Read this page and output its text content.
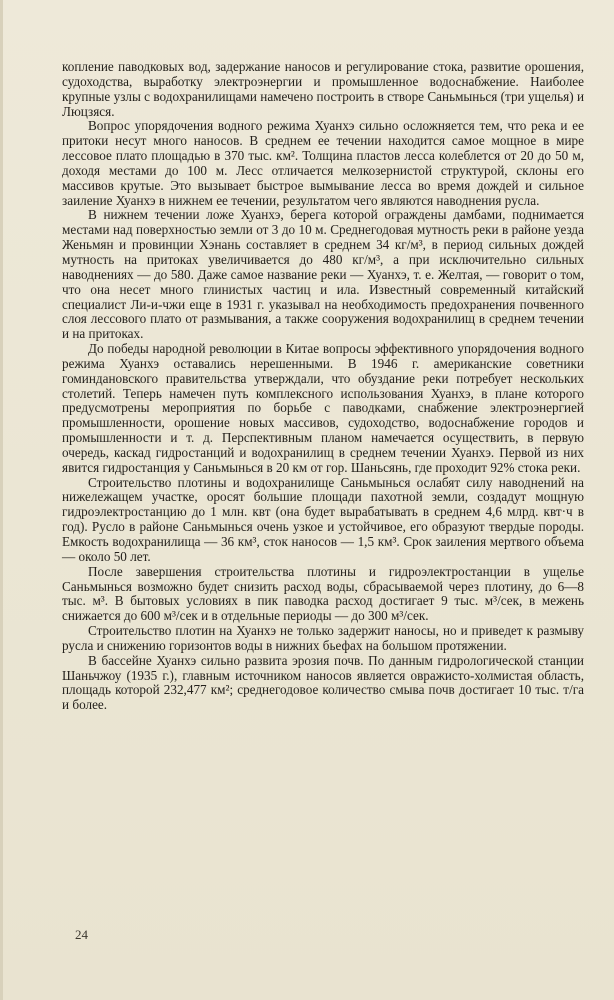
копление паводковых вод, задержание наносов и регулирование стока, развитие орошения, судоходства, выработку электроэнергии и промышленное водоснабжение. Наиболее крупные узлы с водохранилищами намечено построить в створе Саньмынься (три ущелья) и Люцзяся.

Вопрос упорядочения водного режима Хуанхэ сильно осложняется тем, что река и ее притоки несут много наносов. В среднем ее течении находится самое мощное в мире лессовое плато площадью в 370 тыс. км². Толщина пластов лесса колеблется от 20 до 50 м, доходя местами до 100 м. Лесс отличается мелкозернистой структурой, склоны его массивов крутые. Это вызывает быстрое вымывание лесса во время дождей и сильное заиление Хуанхэ в нижнем ее течении, результатом чего являются наводнения русла.

В нижнем течении ложе Хуанхэ, берега которой ограждены дамбами, поднимается местами над поверхностью земли от 3 до 10 м. Среднегодовая мутность реки в районе уезда Женьмян и провинции Хэнань составляет в среднем 34 кг/м³, в период сильных дождей мутность на притоках увеличивается до 480 кг/м³, а при исключительно сильных наводнениях — до 580. Даже самое название реки — Хуанхэ, т. е. Желтая, — говорит о том, что она несет много глинистых частиц и ила. Известный современный китайский специалист Ли-и-чжи еще в 1931 г. указывал на необходимость предохранения почвенного слоя лессового плато от размывания, а также сооружения водохранилищ в среднем течении и на притоках.

До победы народной революции в Китае вопросы эффективного упорядочения водного режима Хуанхэ оставались нерешенными. В 1946 г. американские советники гоминдановского правительства утверждали, что обуздание реки потребует нескольких столетий. Теперь намечен путь комплексного использования Хуанхэ, в плане которого предусмотрены мероприятия по борьбе с паводками, снабжение электроэнергией промышленности, орошение новых массивов, судоходство, водоснабжение городов и промышленности и т. д. Перспективным планом намечается осуществить, в первую очередь, каскад гидростанций и водохранилищ в среднем течении Хуанхэ. Первой из них явится гидростанция у Саньмынься в 20 км от гор. Шаньсянь, где проходит 92% стока реки.

Строительство плотины и водохранилище Саньмынься ослабят силу наводнений на нижележащем участке, оросят большие площади пахотной земли, создадут мощную гидроэлектростанцию до 1 млн. квт (она будет вырабатывать в среднем 4,6 млрд. квт·ч в год). Русло в районе Саньмынься очень узкое и устойчивое, его образуют твердые породы. Емкость водохранилища — 36 км³, сток наносов — 1,5 км³. Срок заиления мертвого объема — около 50 лет.

После завершения строительства плотины и гидроэлектростанции в ущелье Саньмынься возможно будет снизить расход воды, сбрасываемой через плотину, до 6—8 тыс. м³. В бытовых условиях в пик паводка расход достигает 9 тыс. м³/сек, в межень снижается до 600 м³/сек и в отдельные периоды — до 300 м³/сек.

Строительство плотин на Хуанхэ не только задержит наносы, но и приведет к размыву русла и снижению горизонтов воды в нижних бьефах на большом протяжении.

В бассейне Хуанхэ сильно развита эрозия почв. По данным гидрологической станции Шаньчжоу (1935 г.), главным источником наносов является овражисто-холмистая область, площадь которой 232,477 км²; среднегодовое количество смыва почв достигает 10 тыс. т/га и более.

24
